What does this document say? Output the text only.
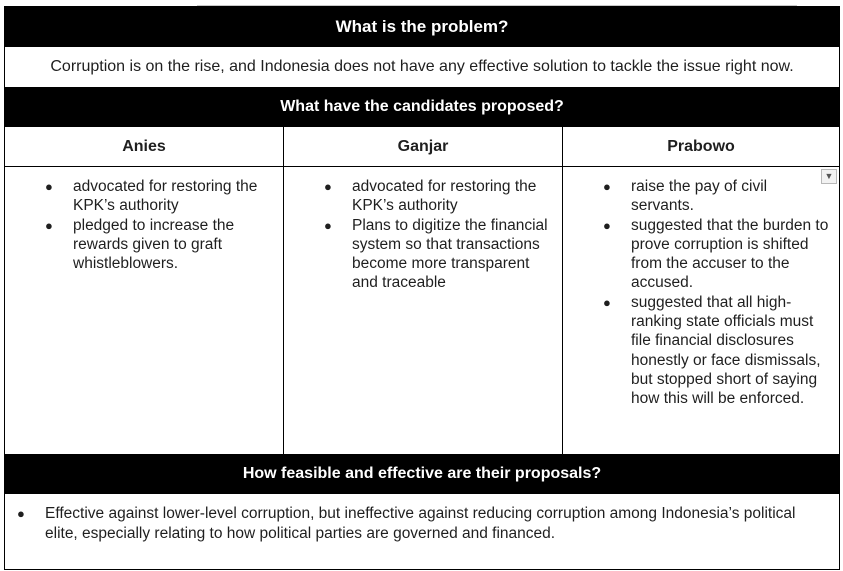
What is the problem?
Corruption is on the rise, and Indonesia does not have any effective solution to tackle the issue right now.
What have the candidates proposed?
Anies	Ganjar	Prabowo
● advocated for restoring the KPK’s authority
● pledged to increase the rewards given to graft whistleblowers.
● advocated for restoring the KPK’s authority
● Plans to digitize the financial system so that transactions become more transparent and traceable
● raise the pay of civil servants.
● suggested that the burden to prove corruption is shifted from the accuser to the accused.
● suggested that all high-ranking state officials must file financial disclosures honestly or face dismissals, but stopped short of saying how this will be enforced.
▼
How feasible and effective are their proposals?
● Effective against lower-level corruption, but ineffective against reducing corruption among Indonesia’s political elite, especially relating to how political parties are governed and financed.
